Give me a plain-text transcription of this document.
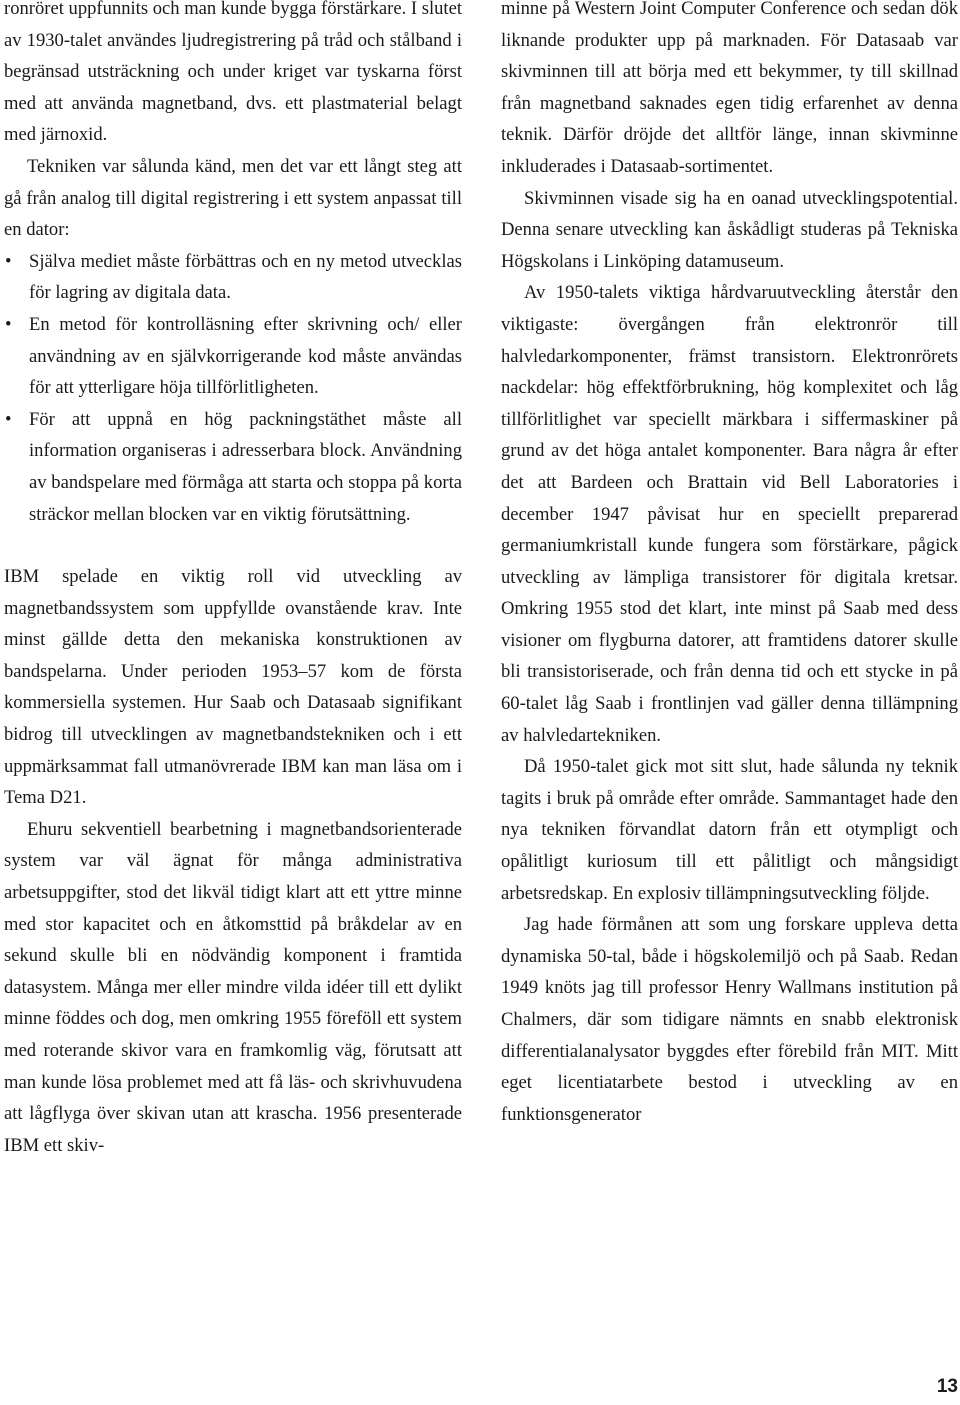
ronröret uppfunnits och man kunde bygga förstärkare. I slutet av 1930-talet användes ljudregistrering på tråd och stålband i begränsad utsträckning och under kriget var tyskarna först med att använda magnetband, dvs. ett plastmaterial belagt med järnoxid.

Tekniken var sålunda känd, men det var ett långt steg att gå från analog till digital registrering i ett system anpassat till en dator:

• Själva mediet måste förbättras och en ny metod utvecklas för lagring av digitala data.
• En metod för kontrolläsning efter skrivning och/ eller användning av en självkorrigerande kod måste användas för att ytterligare höja tillförlitligheten.
• För att uppnå en hög packningstäthet måste all information organiseras i adresserbara block. Användning av bandspelare med förmåga att starta och stoppa på korta sträckor mellan blocken var en viktig förutsättning.

IBM spelade en viktig roll vid utveckling av magnetbandssystem som uppfyllde ovanstående krav. Inte minst gällde detta den mekaniska konstruktionen av bandspelarna. Under perioden 1953–57 kom de första kommersiella systemen. Hur Saab och Datasaab signifikant bidrog till utvecklingen av magnetbandstekniken och i ett uppmärksammat fall utmanövrerade IBM kan man läsa om i Tema D21.

Ehuru sekventiell bearbetning i magnetbandsorienterade system var väl ägnat för många administrativa arbetsuppgifter, stod det likväl tidigt klart att ett yttre minne med stor kapacitet och en åtkomsttid på bråkdelar av en sekund skulle bli en nödvändig komponent i framtida datasystem. Många mer eller mindre vilda idéer till ett dylikt minne föddes och dog, men omkring 1955 föreföll ett system med roterande skivor vara en framkomlig väg, förutsatt att man kunde lösa problemet med att få läs- och skrivhuvudena att lågflyga över skivan utan att krascha. 1956 presenterade IBM ett skiv-

minne på Western Joint Computer Conference och sedan dök liknande produkter upp på marknaden. För Datasaab var skivminnen till att börja med ett bekymmer, ty till skillnad från magnetband saknades egen tidig erfarenhet av denna teknik. Därför dröjde det alltför länge, innan skivminne inkluderades i Datasaab-sortimentet.

Skivminnen visade sig ha en oanad utvecklingspotential. Denna senare utveckling kan åskådligt studeras på Tekniska Högskolans i Linköping datamuseum.

Av 1950-talets viktiga hårdvaruutveckling återstår den viktigaste: övergången från elektronrör till halvledarkomponenter, främst transistorn. Elektronrörets nackdelar: hög effektförbrukning, hög komplexitet och låg tillförlitlighet var speciellt märkbara i siffermaskiner på grund av det höga antalet komponenter. Bara några år efter det att Bardeen och Brattain vid Bell Laboratories i december 1947 påvisat hur en speciellt preparerad germaniumkristall kunde fungera som förstärkare, pågick utveckling av lämpliga transistorer för digitala kretsar. Omkring 1955 stod det klart, inte minst på Saab med dess visioner om flygburna datorer, att framtidens datorer skulle bli transistoriserade, och från denna tid och ett stycke in på 60-talet låg Saab i frontlinjen vad gäller denna tillämpning av halvledartekniken.

Då 1950-talet gick mot sitt slut, hade sålunda ny teknik tagits i bruk på område efter område. Sammantaget hade den nya tekniken förvandlat datorn från ett otympligt och opålitligt kuriosum till ett pålitligt och mångsidigt arbetsredskap. En explosiv tillämpningsutveckling följde.

Jag hade förmånen att som ung forskare uppleva detta dynamiska 50-tal, både i högskolemiljö och på Saab. Redan 1949 knöts jag till professor Henry Wallmans institution på Chalmers, där som tidigare nämnts en snabb elektronisk differentialanalysator byggdes efter förebild från MIT. Mitt eget licentiatarbete bestod i utveckling av en funktionsgenerator

13
